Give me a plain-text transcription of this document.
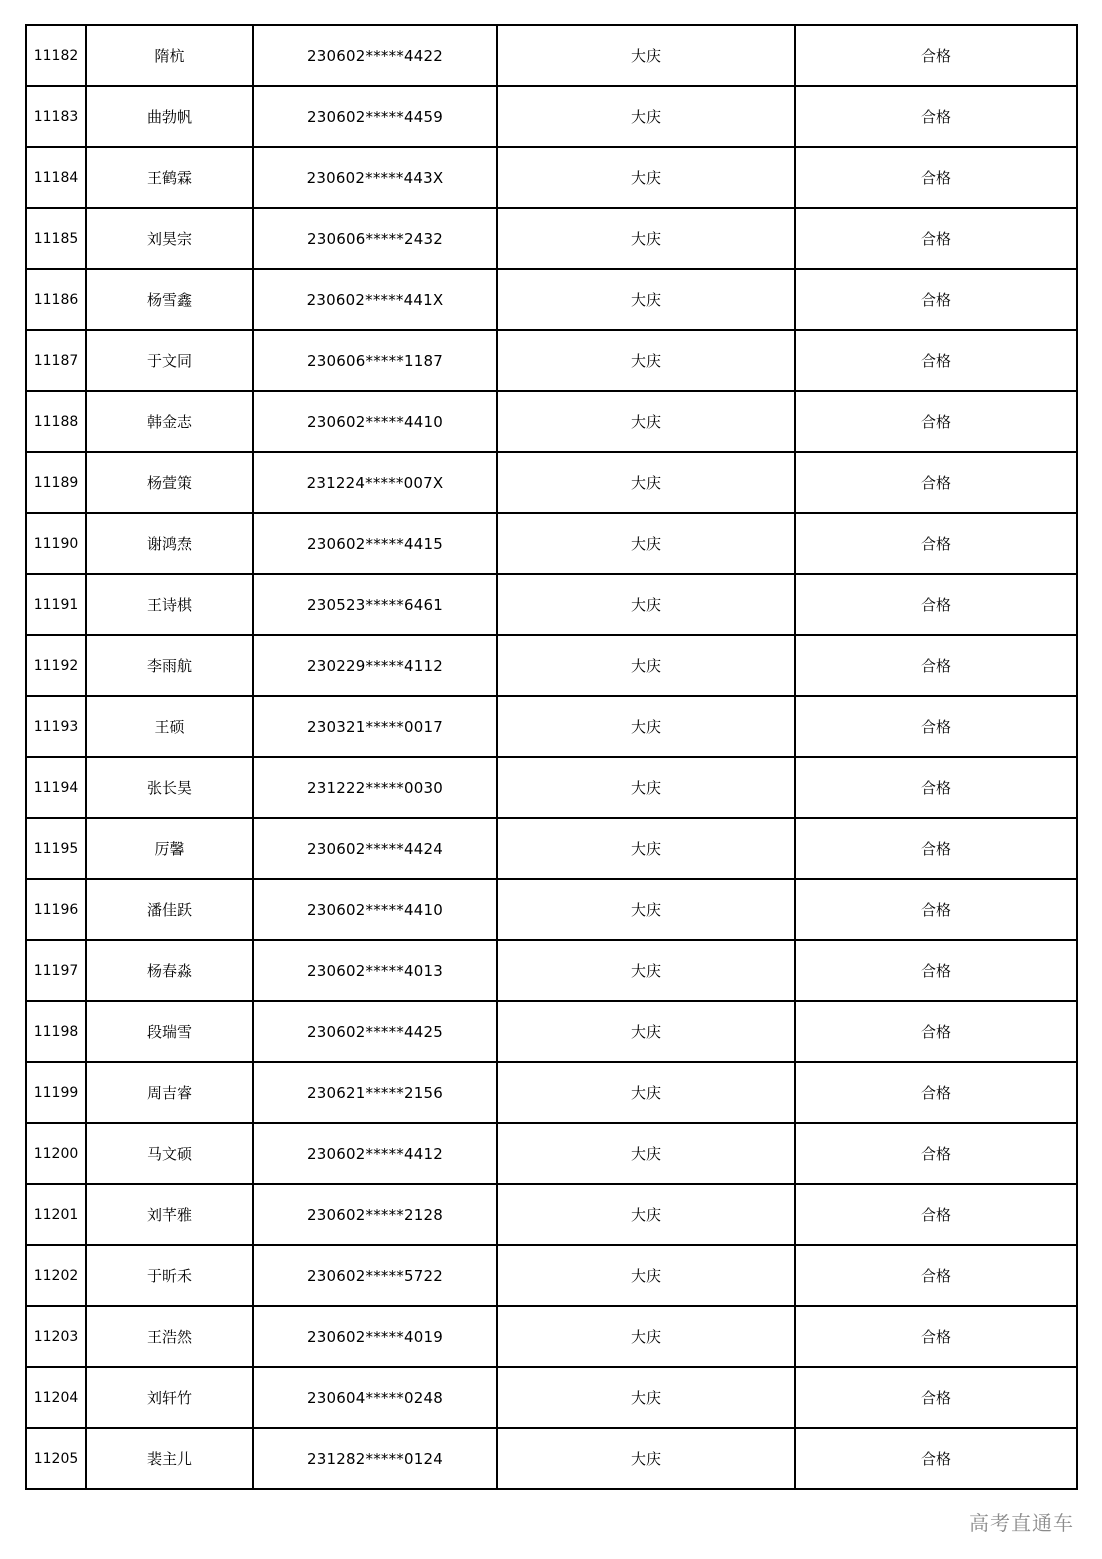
11182	隋杭	230602*****4422	大庆	合格
11183	曲勃帆	230602*****4459	大庆	合格
11184	王鹤霖	230602*****443X	大庆	合格
11185	刘昊宗	230606*****2432	大庆	合格
11186	杨雪鑫	230602*****441X	大庆	合格
11187	于文同	230606*****1187	大庆	合格
11188	韩金志	230602*****4410	大庆	合格
11189	杨萱策	231224*****007X	大庆	合格
11190	谢鸿焘	230602*****4415	大庆	合格
11191	王诗棋	230523*****6461	大庆	合格
11192	李雨航	230229*****4112	大庆	合格
11193	王硕	230321*****0017	大庆	合格
11194	张长昊	231222*****0030	大庆	合格
11195	厉馨	230602*****4424	大庆	合格
11196	潘佳跃	230602*****4410	大庆	合格
11197	杨春淼	230602*****4013	大庆	合格
11198	段瑞雪	230602*****4425	大庆	合格
11199	周吉睿	230621*****2156	大庆	合格
11200	马文硕	230602*****4412	大庆	合格
11201	刘芊雅	230602*****2128	大庆	合格
11202	于昕禾	230602*****5722	大庆	合格
11203	王浩然	230602*****4019	大庆	合格
11204	刘轩竹	230604*****0248	大庆	合格
11205	裴主儿	231282*****0124	大庆	合格
高考直通车
